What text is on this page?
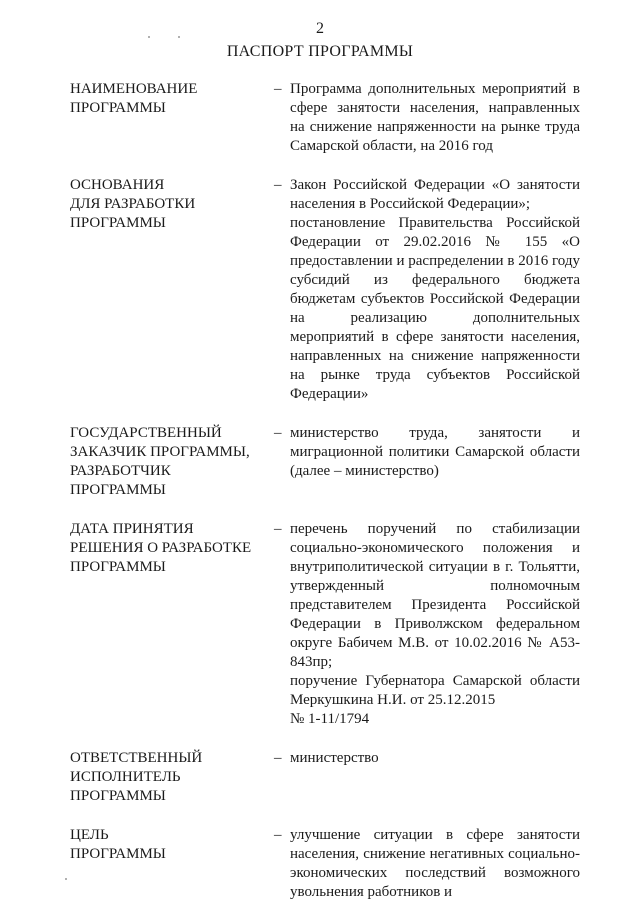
2
ПАСПОРТ ПРОГРАММЫ
НАИМЕНОВАНИЕ
ПРОГРАММЫ
– Программа дополнительных мероприятий в сфере занятости населения, направленных на снижение напряженности на рынке труда Самарской области, на 2016 год
ОСНОВАНИЯ
ДЛЯ РАЗРАБОТКИ
ПРОГРАММЫ
– Закон Российской Федерации «О занятости населения в Российской Федерации»;
постановление Правительства Российской Федерации от 29.02.2016 № 155 «О предоставлении и распределении в 2016 году субсидий из федерального бюджета бюджетам субъектов Российской Федерации на реализацию дополнительных мероприятий в сфере занятости населения, направленных на снижение напряженности на рынке труда субъектов Российской Федерации»
ГОСУДАРСТВЕННЫЙ
ЗАКАЗЧИК ПРОГРАММЫ,
РАЗРАБОТЧИК
ПРОГРАММЫ
– министерство труда, занятости и миграционной политики Самарской области (далее – министерство)
ДАТА ПРИНЯТИЯ
РЕШЕНИЯ О РАЗРАБОТКЕ
ПРОГРАММЫ
– перечень поручений по стабилизации социально-экономического положения и внутриполитической ситуации в г. Тольятти, утвержденный полномочным представителем Президента Российской Федерации в Приволжском федеральном округе Бабичем М.В. от 10.02.2016 № А53-843пр;
поручение Губернатора Самарской области Меркушкина Н.И. от 25.12.2015
№ 1-11/1794
ОТВЕТСТВЕННЫЙ
ИСПОЛНИТЕЛЬ
ПРОГРАММЫ
– министерство
ЦЕЛЬ
ПРОГРАММЫ
– улучшение ситуации в сфере занятости населения, снижение негативных социально-экономических последствий возможного увольнения работников и
